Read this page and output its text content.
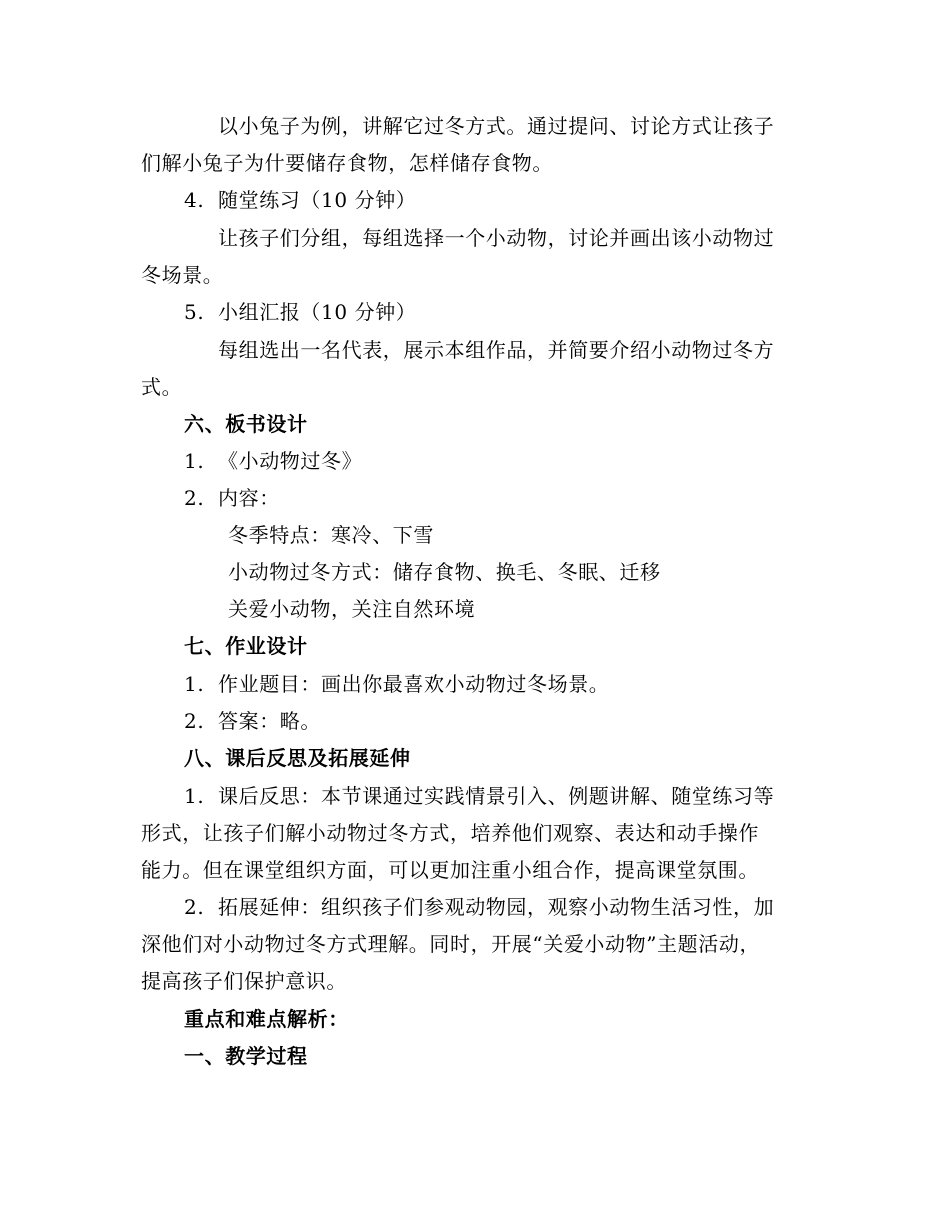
以小兔子为例，讲解它过冬方式。通过提问、讨论方式让孩子
们解小兔子为什要储存食物，怎样储存食物。
4. 随堂练习（10 分钟）
让孩子们分组，每组选择一个小动物，讨论并画出该小动物过
冬场景。
5. 小组汇报（10 分钟）
每组选出一名代表，展示本组作品，并简要介绍小动物过冬方
式。
六、板书设计
1. 《小动物过冬》
2. 内容：
冬季特点：寒冷、下雪
小动物过冬方式：储存食物、换毛、冬眠、迁移
关爱小动物，关注自然环境
七、作业设计
1. 作业题目：画出你最喜欢小动物过冬场景。
2. 答案：略。
八、课后反思及拓展延伸
1. 课后反思：本节课通过实践情景引入、例题讲解、随堂练习等
形式，让孩子们解小动物过冬方式，培养他们观察、表达和动手操作
能力。但在课堂组织方面，可以更加注重小组合作，提高课堂氛围。
2. 拓展延伸：组织孩子们参观动物园，观察小动物生活习性，加
深他们对小动物过冬方式理解。同时，开展“关爱小动物”主题活动，
提高孩子们保护意识。
重点和难点解析：
一、教学过程
